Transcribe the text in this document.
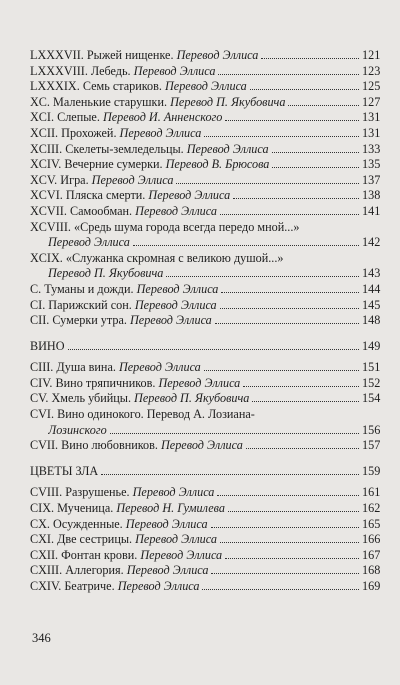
LXXXVII. Рыжей нищенке. Перевод Эллиса	121
LXXXVIII. Лебедь. Перевод Эллиса	123
LXXXIX. Семь стариков. Перевод Эллиса	125
XC. Маленькие старушки. Перевод П. Якубовича	127
XCI. Слепые. Перевод И. Анненского	131
XCII. Прохожей. Перевод Эллиса	131
XCIII. Скелеты-земледельцы. Перевод Эллиса	133
XCIV. Вечерние сумерки. Перевод В. Брюсова	135
XCV. Игра. Перевод Эллиса	137
XCVI. Пляска смерти. Перевод Эллиса	138
XCVII. Самообман. Перевод Эллиса	141
XCVIII. «Средь шума города всегда передо мной...»
Перевод Эллиса	142
XCIX. «Служанка скромная с великою душой...»
Перевод П. Якубовича	143
C. Туманы и дожди. Перевод Эллиса	144
CI. Парижский сон. Перевод Эллиса	145
CII. Сумерки утра. Перевод Эллиса	148
ВИНО	149
CIII. Душа вина. Перевод Эллиса	151
CIV. Вино тряпичников. Перевод Эллиса	152
CV. Хмель убийцы. Перевод П. Якубовича	154
CVI. Вино одинокого. Перевод А. Лозиана-
Лозинского	156
CVII. Вино любовников. Перевод Эллиса	157
ЦВЕТЫ ЗЛА	159
CVIII. Разрушенье. Перевод Эллиса	161
CIX. Мученица. Перевод Н. Гумилева	162
CX. Осужденные. Перевод Эллиса	165
CXI. Две сестрицы. Перевод Эллиса	166
CXII. Фонтан крови. Перевод Эллиса	167
CXIII. Аллегория. Перевод Эллиса	168
CXIV. Беатриче. Перевод Эллиса	169
346
